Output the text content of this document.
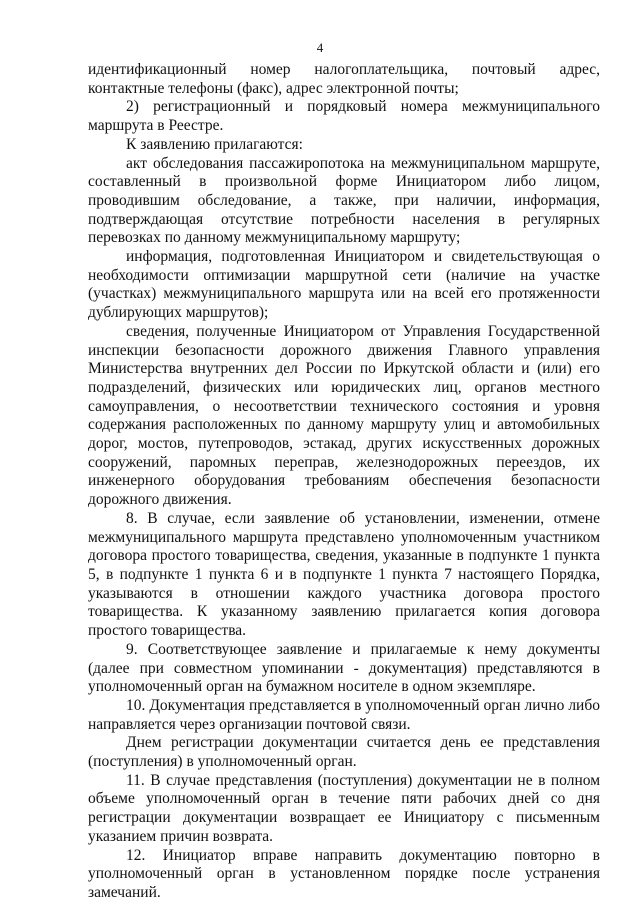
4

идентификационный номер налогоплательщика, почтовый адрес, контактные телефоны (факс), адрес электронной почты;

2) регистрационный и порядковый номера межмуниципального маршрута в Реестре.

К заявлению прилагаются:

акт обследования пассажиропотока на межмуниципальном маршруте, составленный в произвольной форме Инициатором либо лицом, проводившим обследование, а также, при наличии, информация, подтверждающая отсутствие потребности населения в регулярных перевозках по данному межмуниципальному маршруту;

информация, подготовленная Инициатором и свидетельствующая о необходимости оптимизации маршрутной сети (наличие на участке (участках) межмуниципального маршрута или на всей его протяженности дублирующих маршрутов);

сведения, полученные Инициатором от Управления Государственной инспекции безопасности дорожного движения Главного управления Министерства внутренних дел России по Иркутской области и (или) его подразделений, физических или юридических лиц, органов местного самоуправления, о несоответствии технического состояния и уровня содержания расположенных по данному маршруту улиц и автомобильных дорог, мостов, путепроводов, эстакад, других искусственных дорожных сооружений, паромных переправ, железнодорожных переездов, их инженерного оборудования требованиям обеспечения безопасности дорожного движения.

8. В случае, если заявление об установлении, изменении, отмене межмуниципального маршрута представлено уполномоченным участником договора простого товарищества, сведения, указанные в подпункте 1 пункта 5, в подпункте 1 пункта 6 и в подпункте 1 пункта 7 настоящего Порядка, указываются в отношении каждого участника договора простого товарищества. К указанному заявлению прилагается копия договора простого товарищества.

9. Соответствующее заявление и прилагаемые к нему документы (далее при совместном упоминании - документация) представляются в уполномоченный орган на бумажном носителе в одном экземпляре.

10. Документация представляется в уполномоченный орган лично либо направляется через организации почтовой связи.

Днем регистрации документации считается день ее представления (поступления) в уполномоченный орган.

11. В случае представления (поступления) документации не в полном объеме уполномоченный орган в течение пяти рабочих дней со дня регистрации документации возвращает ее Инициатору с письменным указанием причин возврата.

12. Инициатор вправе направить документацию повторно в уполномоченный орган в установленном порядке после устранения замечаний.
